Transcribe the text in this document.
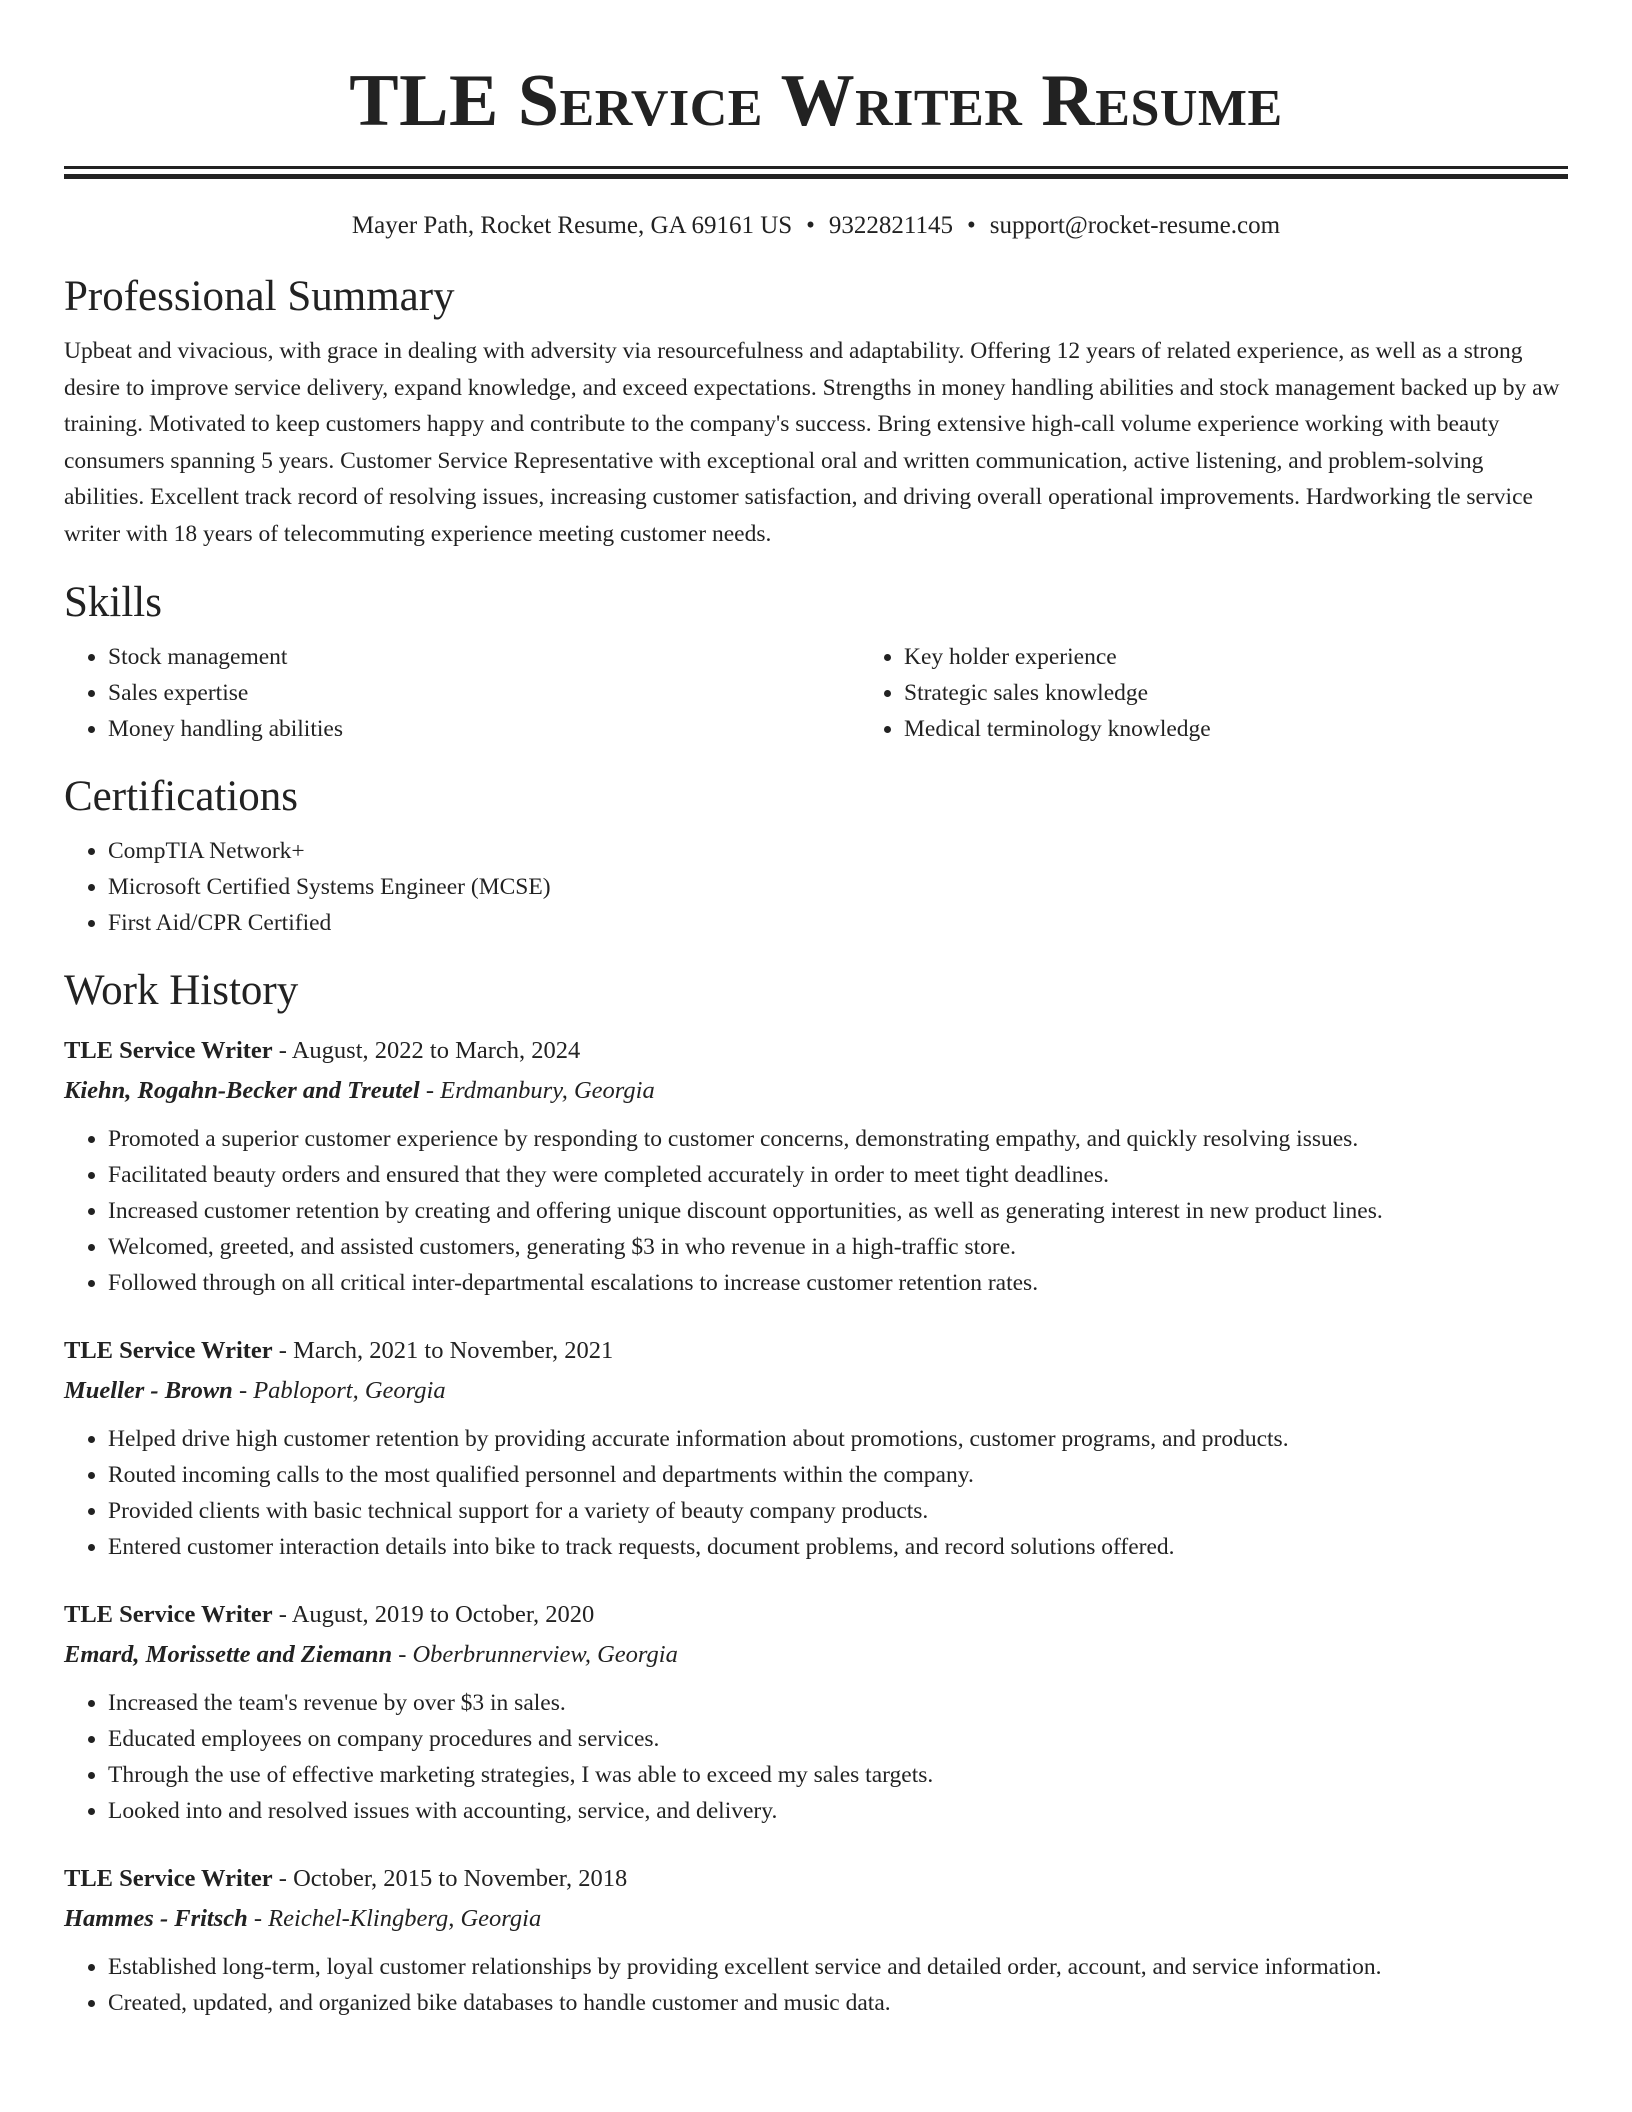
TLE Service Writer Resume
Mayer Path, Rocket Resume, GA 69161 US • 9322821145 • support@rocket-resume.com
Professional Summary

Upbeat and vivacious, with grace in dealing with adversity via resourcefulness and adaptability. Offering 12 years of related experience, as well as a strong desire to improve service delivery, expand knowledge, and exceed expectations. Strengths in money handling abilities and stock management backed up by aw training. Motivated to keep customers happy and contribute to the company's success. Bring extensive high-call volume experience working with beauty consumers spanning 5 years. Customer Service Representative with exceptional oral and written communication, active listening, and problem-solving abilities. Excellent track record of resolving issues, increasing customer satisfaction, and driving overall operational improvements. Hardworking tle service writer with 18 years of telecommuting experience meeting customer needs.

Skills
• Stock management
• Sales expertise
• Money handling abilities
• Key holder experience
• Strategic sales knowledge
• Medical terminology knowledge
Certifications
• CompTIA Network+
• Microsoft Certified Systems Engineer (MCSE)
• First Aid/CPR Certified
Work History
TLE Service Writer - August, 2022 to March, 2024
Kiehn, Rogahn-Becker and Treutel - Erdmanbury, Georgia
• Promoted a superior customer experience by responding to customer concerns, demonstrating empathy, and quickly resolving issues.
• Facilitated beauty orders and ensured that they were completed accurately in order to meet tight deadlines.
• Increased customer retention by creating and offering unique discount opportunities, as well as generating interest in new product lines.
• Welcomed, greeted, and assisted customers, generating $3 in who revenue in a high-traffic store.
• Followed through on all critical inter-departmental escalations to increase customer retention rates.
TLE Service Writer - March, 2021 to November, 2021
Mueller - Brown - Pabloport, Georgia
• Helped drive high customer retention by providing accurate information about promotions, customer programs, and products.
• Routed incoming calls to the most qualified personnel and departments within the company.
• Provided clients with basic technical support for a variety of beauty company products.
• Entered customer interaction details into bike to track requests, document problems, and record solutions offered.
TLE Service Writer - August, 2019 to October, 2020
Emard, Morissette and Ziemann - Oberbrunnerview, Georgia
• Increased the team's revenue by over $3 in sales.
• Educated employees on company procedures and services.
• Through the use of effective marketing strategies, I was able to exceed my sales targets.
• Looked into and resolved issues with accounting, service, and delivery.
TLE Service Writer - October, 2015 to November, 2018
Hammes - Fritsch - Reichel-Klingberg, Georgia
• Established long-term, loyal customer relationships by providing excellent service and detailed order, account, and service information.
• Created, updated, and organized bike databases to handle customer and music data.
